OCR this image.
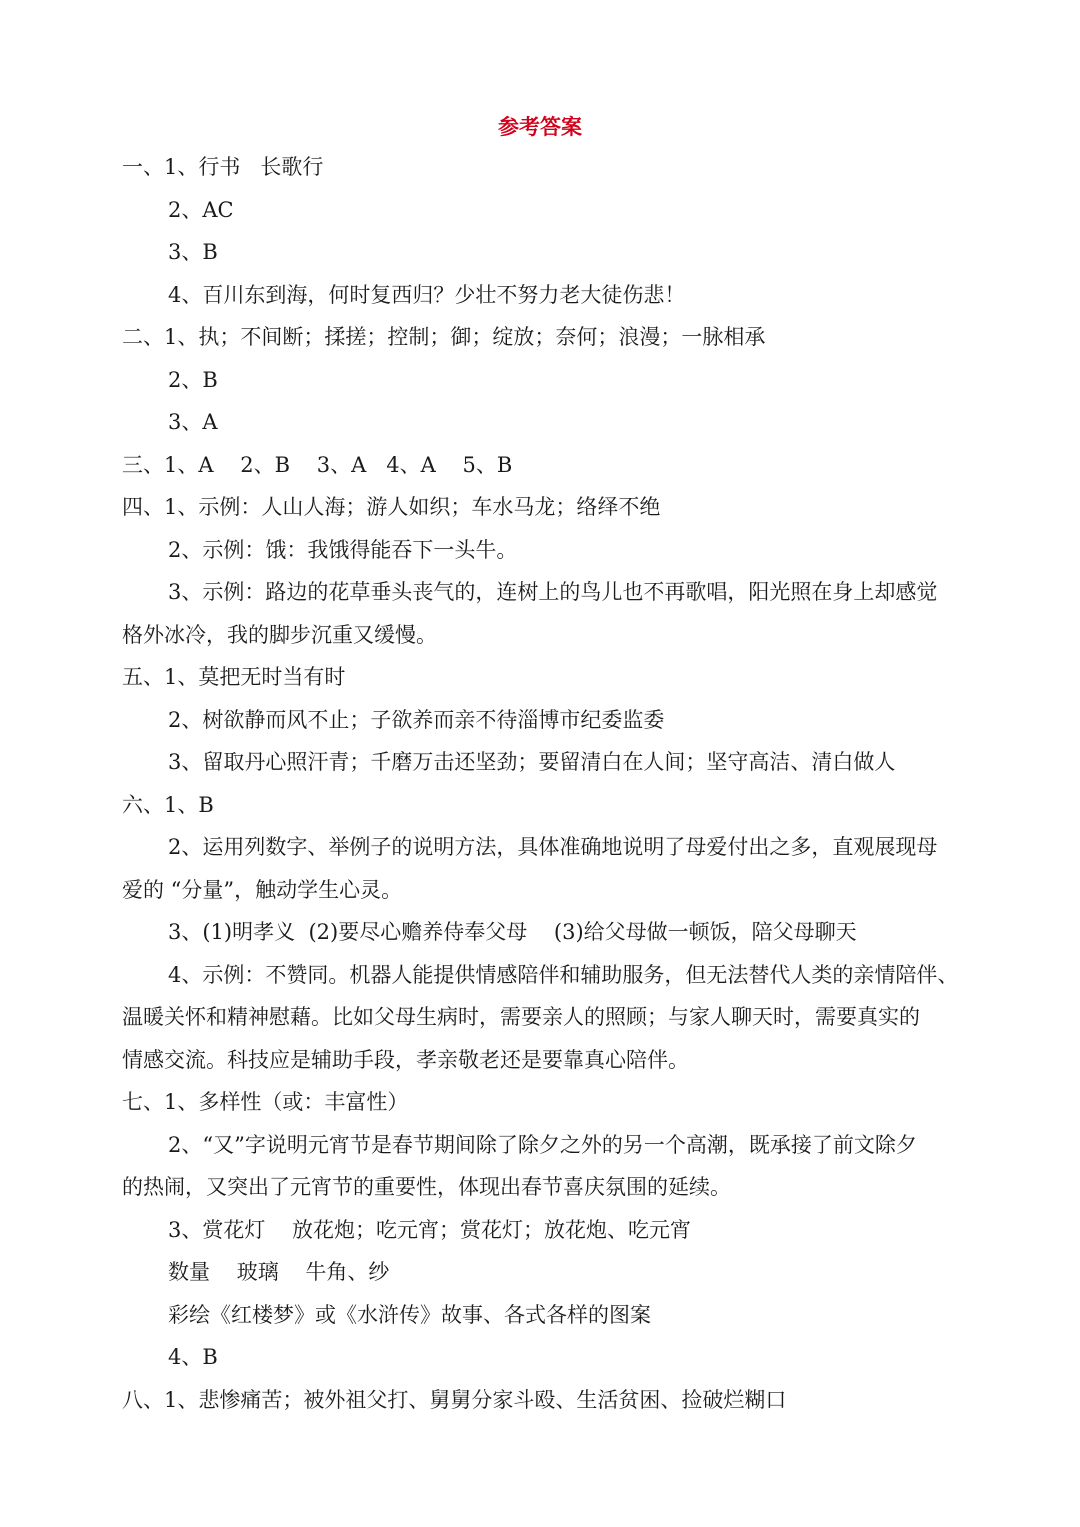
参考答案
一、1、行书   长歌行
2、AC
3、B
4、百川东到海，何时复西归？少壮不努力老大徒伤悲！
二、1、执；不间断；揉搓；控制；御；绽放；奈何；浪漫；一脉相承
2、B
3、A
三、1、A    2、B    3、A   4、A    5、B
四、1、示例：人山人海；游人如织；车水马龙；络绎不绝
2、示例：饿：我饿得能吞下一头牛。
3、示例：路边的花草垂头丧气的，连树上的鸟儿也不再歌唱，阳光照在身上却感觉
格外冰冷，我的脚步沉重又缓慢。
五、1、莫把无时当有时
2、树欲静而风不止；子欲养而亲不待淄博市纪委监委
3、留取丹心照汗青；千磨万击还坚劲；要留清白在人间；坚守高洁、清白做人
六、1、B
2、运用列数字、举例子的说明方法，具体准确地说明了母爱付出之多，直观展现母
爱的 “分量”，触动学生心灵。
3、(1)明孝义  (2)要尽心赡养侍奉父母    (3)给父母做一顿饭，陪父母聊天
4、示例：不赞同。机器人能提供情感陪伴和辅助服务，但无法替代人类的亲情陪伴、
温暖关怀和精神慰藉。比如父母生病时，需要亲人的照顾；与家人聊天时，需要真实的
情感交流。科技应是辅助手段，孝亲敬老还是要靠真心陪伴。
七、1、多样性（或：丰富性）
2、“又”字说明元宵节是春节期间除了除夕之外的另一个高潮，既承接了前文除夕
的热闹，又突出了元宵节的重要性，体现出春节喜庆氛围的延续。
3、赏花灯    放花炮；吃元宵；赏花灯；放花炮、吃元宵
数量    玻璃    牛角、纱
彩绘《红楼梦》或《水浒传》故事、各式各样的图案
4、B
八、1、悲惨痛苦；被外祖父打、舅舅分家斗殴、生活贫困、捡破烂糊口
